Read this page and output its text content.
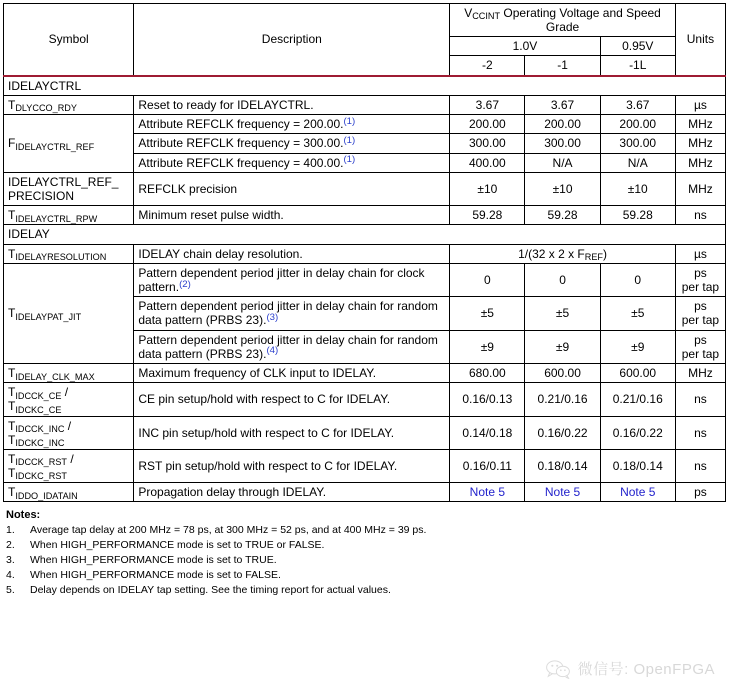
Symbol	Description	$V_{CCINT}$ Operating Voltage and Speed Grade			Units
		1.0V		0.95V	
		-2	-1	-1L	
IDELAYCTRL					
$T_{DLYCCO\_RDY}$	Reset to ready for IDELAYCTRL.	3.67	3.67	3.67	µs
$F_{IDELAYCTRL\_REF}$	Attribute REFCLK frequency = 200.00.$^{(1)}$	200.00	200.00	200.00	MHz
	Attribute REFCLK frequency = 300.00.$^{(1)}$	300.00	300.00	300.00	MHz
	Attribute REFCLK frequency = 400.00.$^{(1)}$	400.00	N/A	N/A	MHz
IDELAYCTRL_REF_ PRECISION	REFCLK precision	±10	±10	±10	MHz
$T_{IDELAYCTRL\_RPW}$	Minimum reset pulse width.	59.28	59.28	59.28	ns
IDELAY					
$T_{IDELAYRESOLUTION}$	IDELAY chain delay resolution.	1/(32 x 2 x $F_{REF}$)			µs
$T_{IDELAYPAT\_JIT}$	Pattern dependent period jitter in delay chain for clock pattern.$^{(2)}$	0	0	0	ps
per tap
	Pattern dependent period jitter in delay chain for random data pattern (PRBS 23).$^{(3)}$	±5	±5	±5	ps
per tap
	Pattern dependent period jitter in delay chain for random data pattern (PRBS 23).$^{(4)}$	±9	±9	±9	ps
per tap
$T_{IDELAY\_CLK\_MAX}$	Maximum frequency of CLK input to IDELAY.	680.00	600.00	600.00	MHz

$T_{IDCCK\_CE}$ /
$T_{IDCKC\_CE}$	CE pin setup/hold with respect to C for IDELAY.	0.16/0.13	0.21/0.16	0.21/0.16	ns

$T_{IDCCK\_INC}$ /
$T_{IDCKC\_INC}$	INC pin setup/hold with respect to C for IDELAY.	0.14/0.18	0.16/0.22	0.16/0.22	ns

$T_{IDCCK\_RST}$ /
$T_{IDCKC\_RST}$	RST pin setup/hold with respect to C for IDELAY.	0.16/0.11	0.18/0.14	0.18/0.14	ns
$T_{IDDO\_IDATAIN}$	Propagation delay through IDELAY.	Note 5	Note 5	Note 5	ps
Notes:
1.	Average tap delay at 200 MHz = 78 ps, at 300 MHz = 52 ps, and at 400 MHz = 39 ps.
2.	When HIGH_PERFORMANCE mode is set to TRUE or FALSE.
3.	When HIGH_PERFORMANCE mode is set to TRUE.
4.	When HIGH_PERFORMANCE mode is set to FALSE.
5.	Delay depends on IDELAY tap setting. See the timing report for actual values.
微信号: OpenFPGA
